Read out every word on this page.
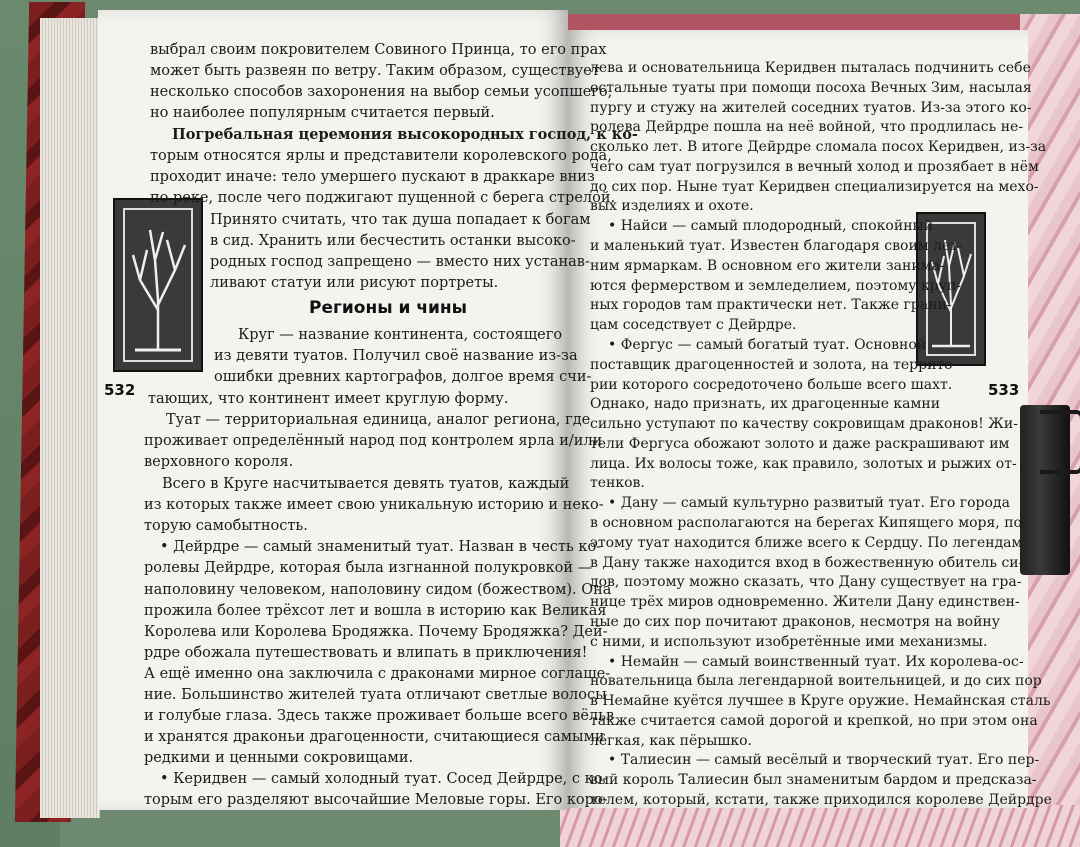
532	533
Регионы и чины
выбрал своим покровителем Совиного Принца, то его прах
может быть развеян по ветру. Таким образом, существует
несколько способов захоронения на выбор семьи усопшего,
но наиболее популярным считается первый.
Погребальная церемония высокородных господ, к ко-
торым относятся ярлы и представители королевского рода,
проходит иначе: тело умершего пускают в драккаре вниз
по реке, после чего поджигают пущенной с берега стрелой.
Принято считать, что так душа попадает к богам
в сид. Хранить или бесчестить останки высоко-
родных господ запрещено — вместо них устанав-
ливают статуи или рисуют портреты.
Круг — название континента, состоящего
из девяти туатов. Получил своё название из-за
ошибки древних картографов, долгое время счи-
тающих, что континент имеет круглую форму.
Туат — территориальная единица, аналог региона, где
проживает определённый народ под контролем ярла и/или
верховного короля.
Всего в Круге насчитывается девять туатов, каждый
из которых также имеет свою уникальную историю и неко-
торую самобытность.
• Дейрдре — самый знаменитый туат. Назван в честь ко-
ролевы Дейрдре, которая была изгнанной полукровкой —
наполовину человеком, наполовину сидом (божеством). Она
прожила более трёхсот лет и вошла в историю как Великая
Королева или Королева Бродяжка. Почему Бродяжка? Дей-
рдре обожала путешествовать и влипать в приключения!
А ещё именно она заключила с драконами мирное соглаше-
ние. Большинство жителей туата отличают светлые волосы
и голубые глаза. Здесь также проживает больше всего вёльв
и хранятся драконьи драгоценности, считающиеся самыми
редкими и ценными сокровищами.
• Керидвен — самый холодный туат. Сосед Дейрдре, с ко-
торым его разделяют высочайшие Меловые горы. Его коро-
лева и основательница Керидвен пыталась подчинить себе
остальные туаты при помощи посоха Вечных Зим, насылая
пургу и стужу на жителей соседних туатов. Из-за этого ко-
ролева Дейрдре пошла на неё войной, что продлилась не-
сколько лет. В итоге Дейрдре сломала посох Керидвен, из-за
чего сам туат погрузился в вечный холод и прозябает в нём
до сих пор. Ныне туат Керидвен специализируется на мехо-
вых изделиях и охоте.
• Найси — самый плодородный, спокойный
и маленький туат. Известен благодаря своим лет-
ним ярмаркам. В основном его жители занима-
ются фермерством и земледелием, поэтому круп-
ных городов там практически нет. Также грани-
цам соседствует с Дейрдре.
• Фергус — самый богатый туат. Основной
поставщик драгоценностей и золота, на террито-
рии которого сосредоточено больше всего шахт.
Однако, надо признать, их драгоценные камни
сильно уступают по качеству сокровищам драконов! Жи-
тели Фергуса обожают золото и даже раскрашивают им
лица. Их волосы тоже, как правило, золотых и рыжих от-
тенков.
• Дану — самый культурно развитый туат. Его города
в основном располагаются на берегах Кипящего моря, по-
этому туат находится ближе всего к Сердцу. По легендам,
в Дану также находится вход в божественную обитель си-
дов, поэтому можно сказать, что Дану существует на гра-
нице трёх миров одновременно. Жители Дану единствен-
ные до сих пор почитают драконов, несмотря на войну
с ними, и используют изобретённые ими механизмы.
• Немайн — самый воинственный туат. Их королева-ос-
новательница была легендарной воительницей, и до сих пор
в Немайне куётся лучшее в Круге оружие. Немайнская сталь
также считается самой дорогой и крепкой, но при этом она
лёгкая, как пёрышко.
• Талиесин — самый весёлый и творческий туат. Его пер-
вый король Талиесин был знаменитым бардом и предсказа-
телем, который, кстати, также приходился королеве Дейрдре
